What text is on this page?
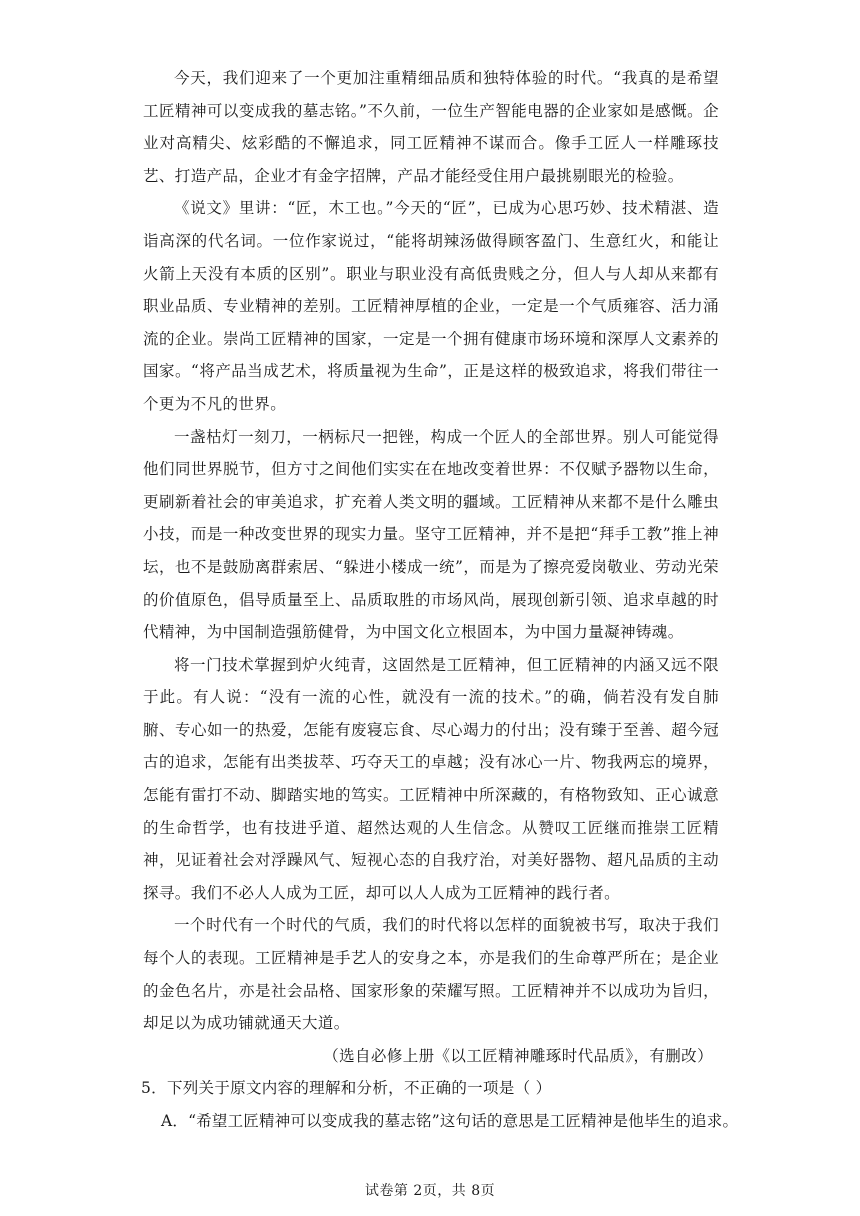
今天，我们迎来了一个更加注重精细品质和独特体验的时代。“我真的是希望工匠精神可以变成我的墓志铭。”不久前，一位生产智能电器的企业家如是感慨。企业对高精尖、炫彩酷的不懈追求，同工匠精神不谋而合。像手工匠人一样雕琢技艺、打造产品，企业才有金字招牌，产品才能经受住用户最挑剔眼光的检验。

《说文》里讲：“匠，木工也。”今天的“匠”，已成为心思巧妙、技术精湛、造诣高深的代名词。一位作家说过，“能将胡辣汤做得顾客盈门、生意红火，和能让火箭上天没有本质的区别”。职业与职业没有高低贵贱之分，但人与人却从来都有职业品质、专业精神的差别。工匠精神厚植的企业，一定是一个气质雍容、活力涌流的企业。崇尚工匠精神的国家，一定是一个拥有健康市场环境和深厚人文素养的国家。“将产品当成艺术，将质量视为生命”，正是这样的极致追求，将我们带往一个更为不凡的世界。

一盏枯灯一刻刀，一柄标尺一把锉，构成一个匠人的全部世界。别人可能觉得他们同世界脱节，但方寸之间他们实实在在地改变着世界：不仅赋予器物以生命，更刷新着社会的审美追求，扩充着人类文明的疆域。工匠精神从来都不是什么雕虫小技，而是一种改变世界的现实力量。坚守工匠精神，并不是把“拜手工教”推上神坛，也不是鼓励离群索居、“躲进小楼成一统”，而是为了擦亮爱岗敬业、劳动光荣的价值原色，倡导质量至上、品质取胜的市场风尚，展现创新引领、追求卓越的时代精神，为中国制造强筋健骨，为中国文化立根固本，为中国力量凝神铸魂。

将一门技术掌握到炉火纯青，这固然是工匠精神，但工匠精神的内涵又远不限于此。有人说：“没有一流的心性，就没有一流的技术。”的确，倘若没有发自肺腑、专心如一的热爱，怎能有废寝忘食、尽心竭力的付出；没有臻于至善、超今冠古的追求，怎能有出类拔萃、巧夺天工的卓越；没有冰心一片、物我两忘的境界，怎能有雷打不动、脚踏实地的笃实。工匠精神中所深藏的，有格物致知、正心诚意的生命哲学，也有技进乎道、超然达观的人生信念。从赞叹工匠继而推崇工匠精神，见证着社会对浮躁风气、短视心态的自我疗治，对美好器物、超凡品质的主动探寻。我们不必人人成为工匠，却可以人人成为工匠精神的践行者。

一个时代有一个时代的气质，我们的时代将以怎样的面貌被书写，取决于我们每个人的表现。工匠精神是手艺人的安身之本，亦是我们的生命尊严所在；是企业的金色名片，亦是社会品格、国家形象的荣耀写照。工匠精神并不以成功为旨归，却足以为成功铺就通天大道。

（选自必修上册《以工匠精神雕琢时代品质》，有删改）

5．下列关于原文内容的理解和分析，不正确的一项是（ ）

A．“希望工匠精神可以变成我的墓志铭”这句话的意思是工匠精神是他毕生的追求。

试卷第 2页，共 8页
